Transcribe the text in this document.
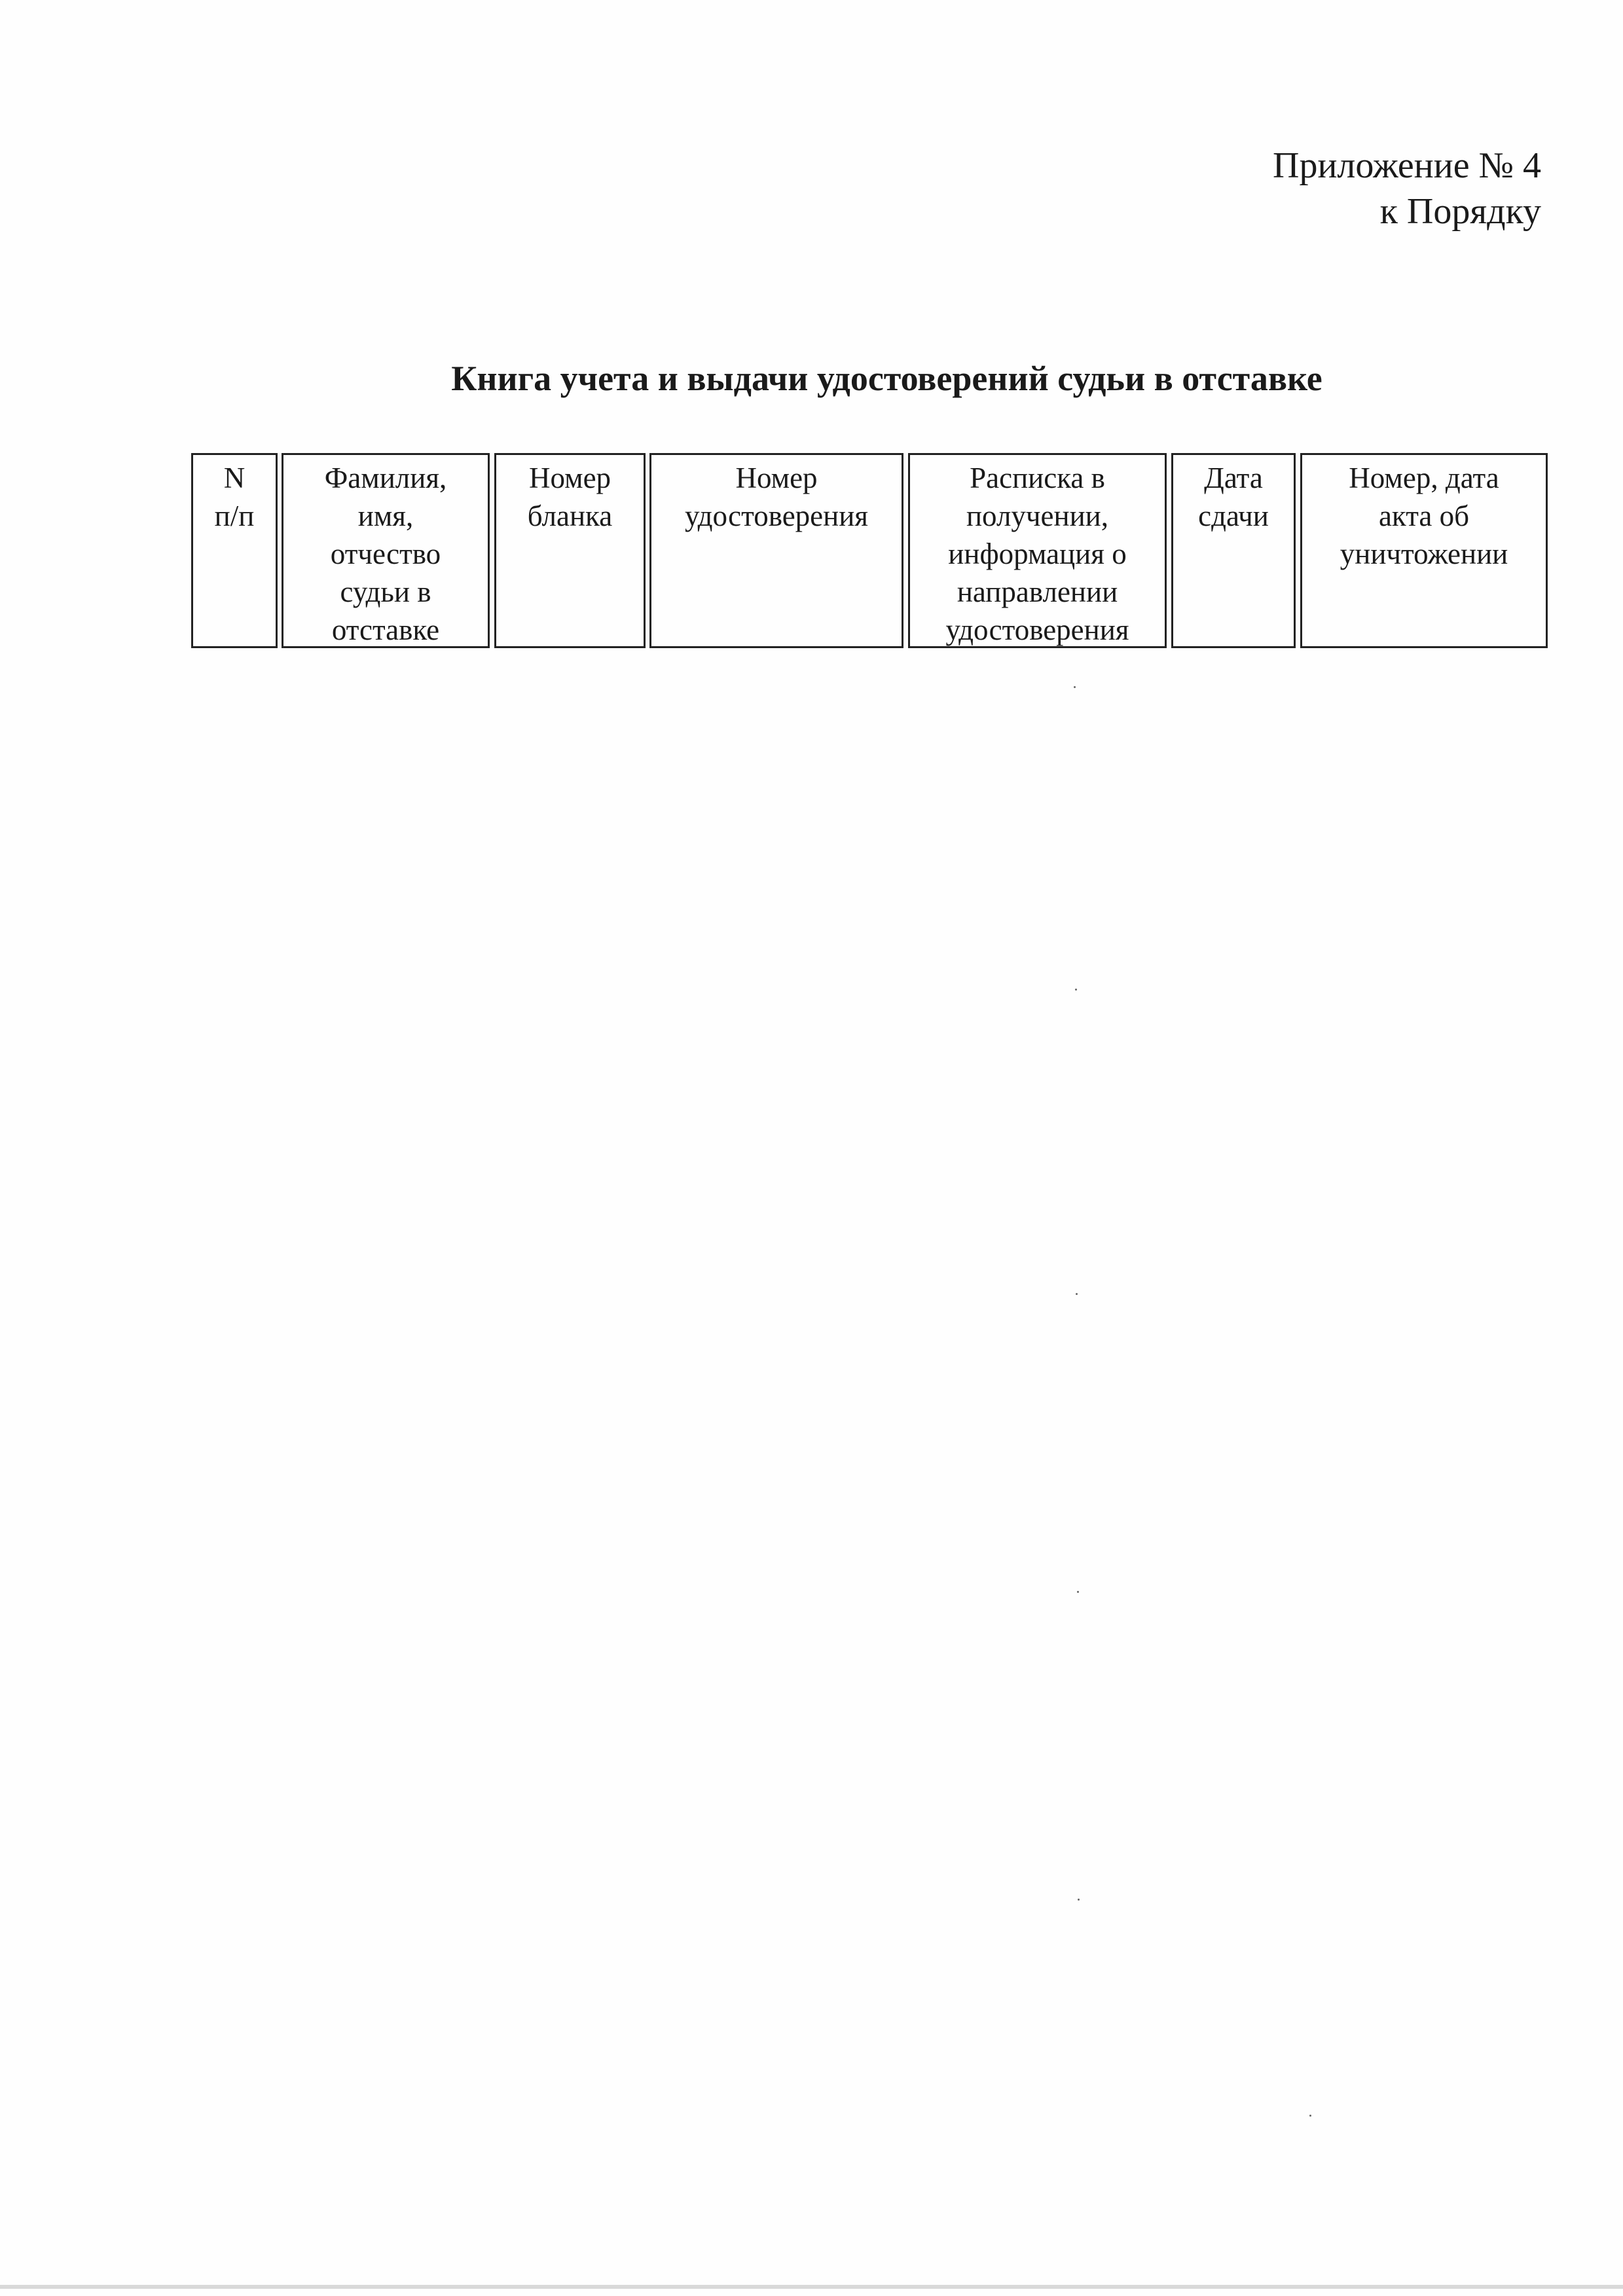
Приложение № 4
к Порядку
Книга учета и выдачи удостоверений судьи в отставке
N
п/п
Фамилия,
имя,
отчество
судьи в
отставке
Номер
бланка
Номер
удостоверения
Расписка в
получении,
информация о
направлении
удостоверения
Дата
сдачи
Номер, дата
акта об
уничтожении
